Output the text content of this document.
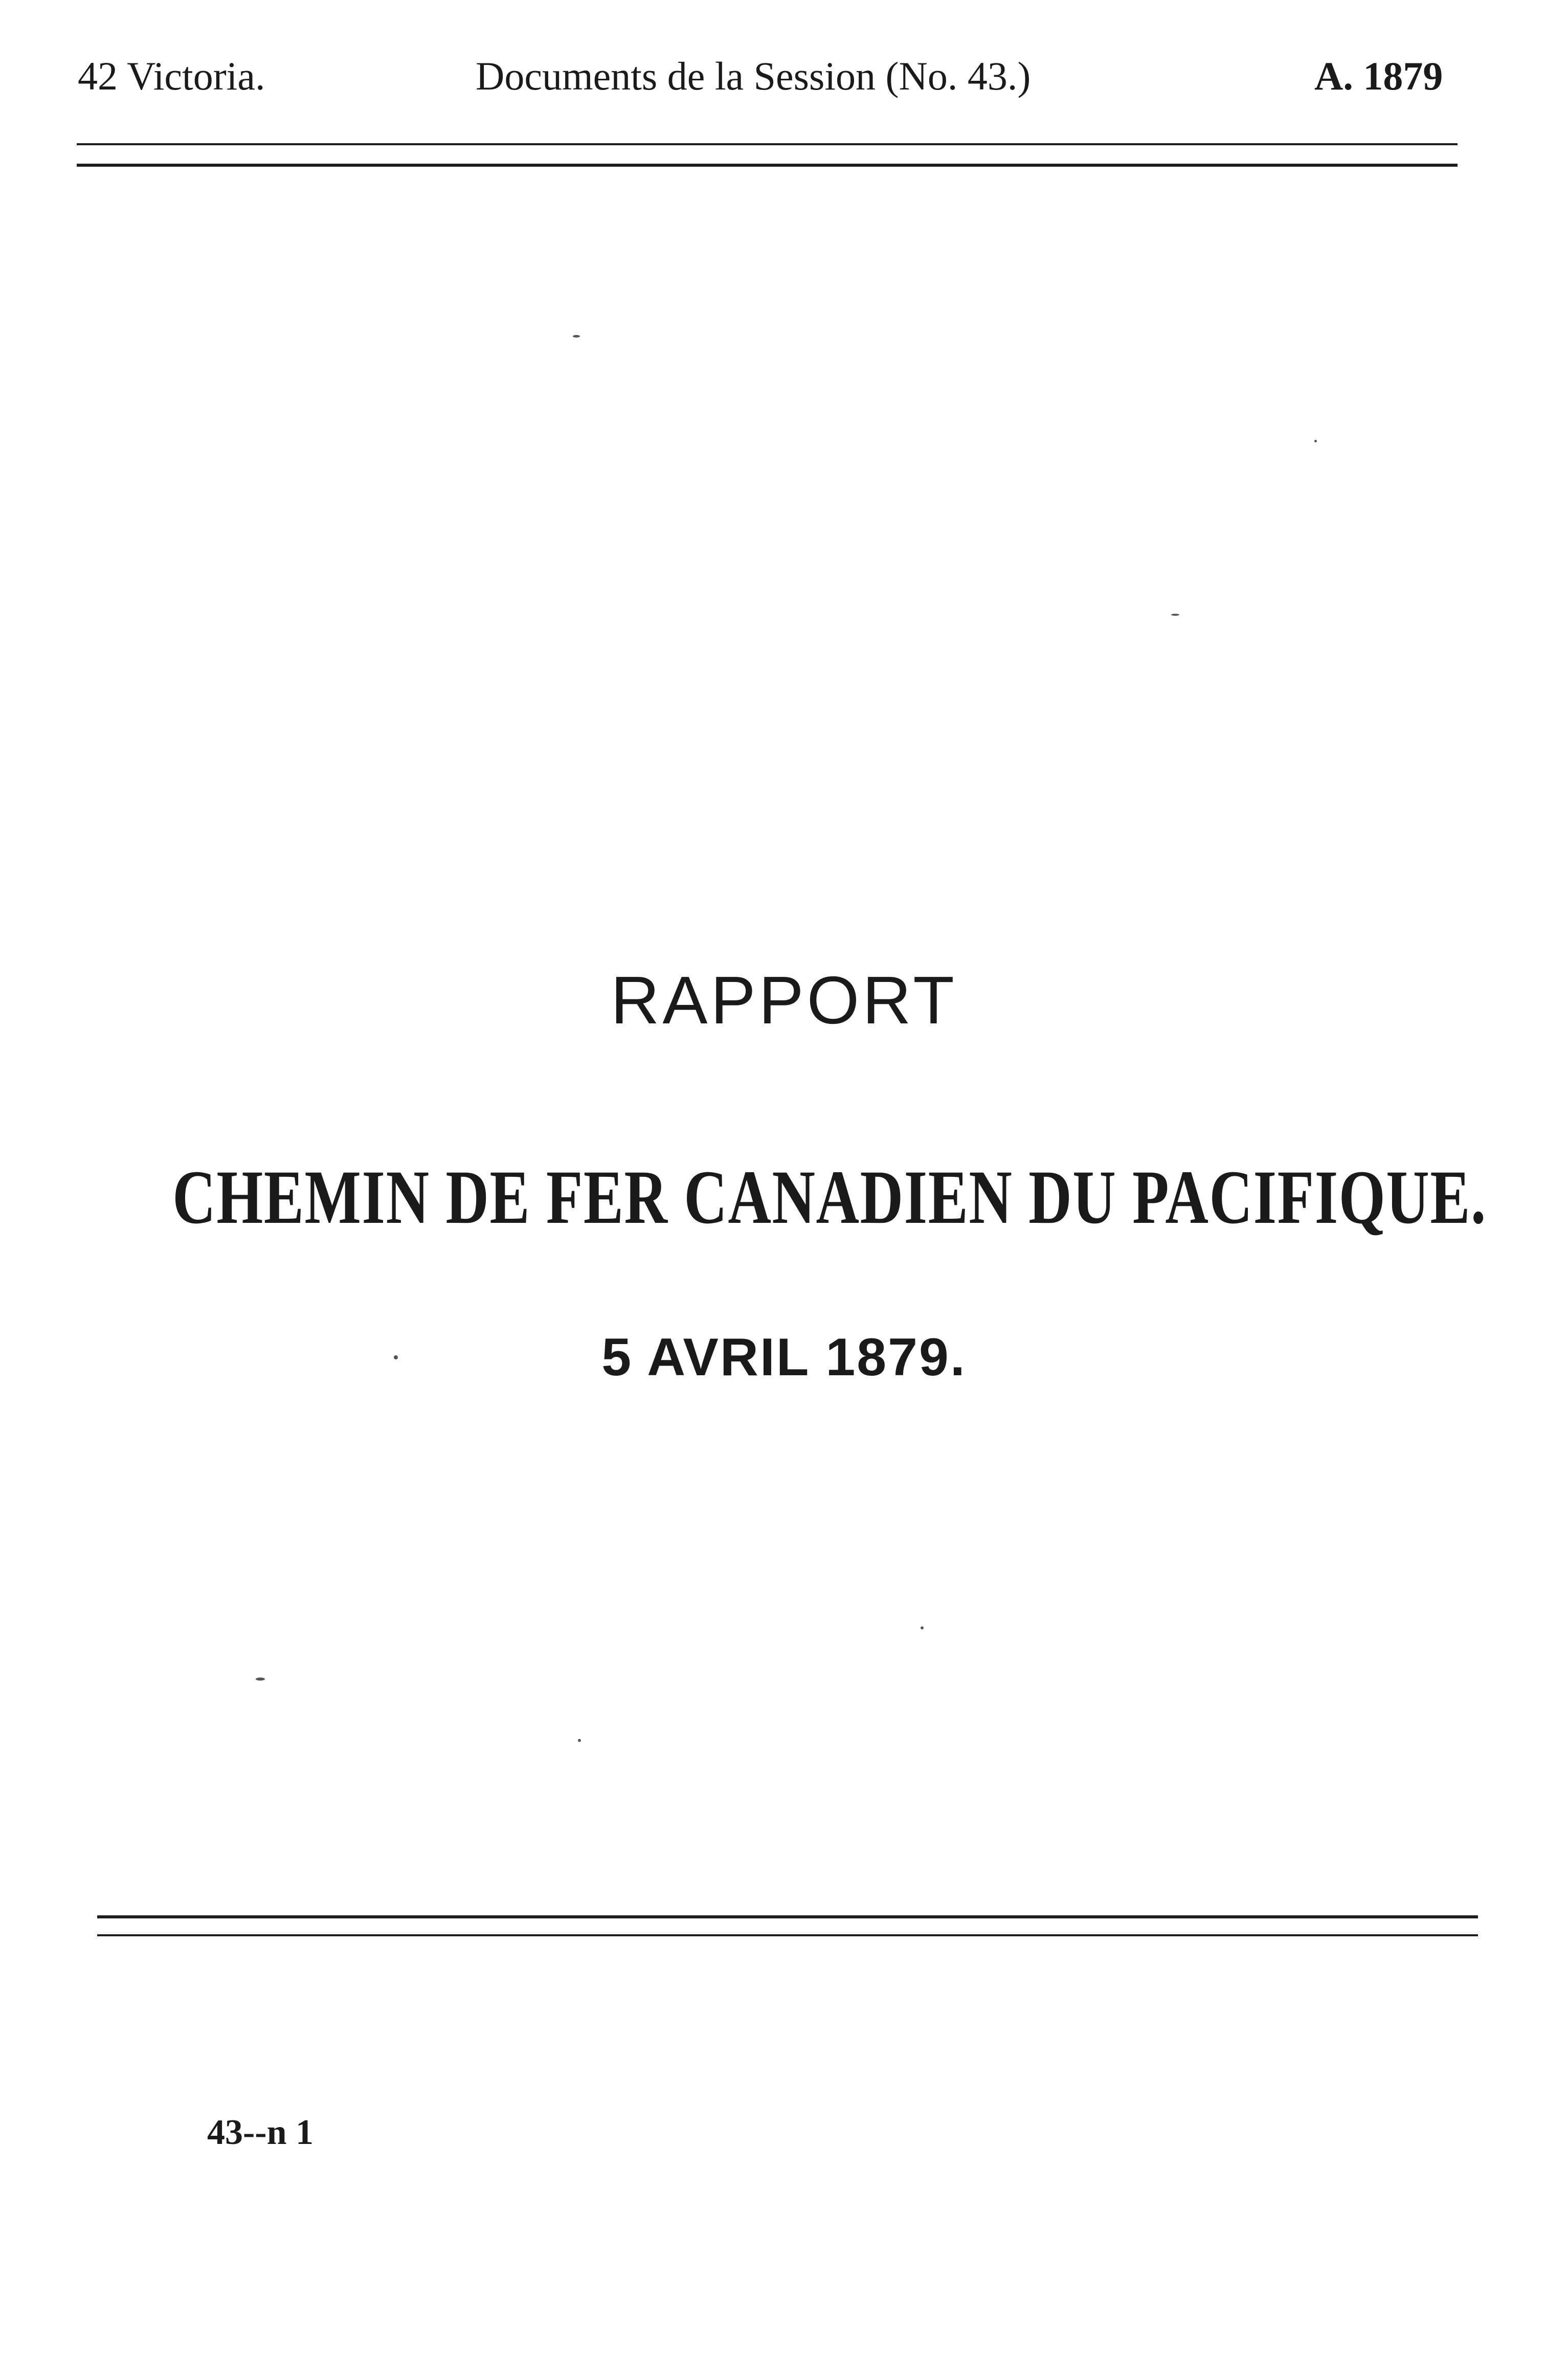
42 Victoria.	Documents de la Session (No. 43.)	A. 1879
RAPPORT
CHEMIN DE FER CANADIEN DU PACIFIQUE.
5 AVRIL 1879.
43--n 1
